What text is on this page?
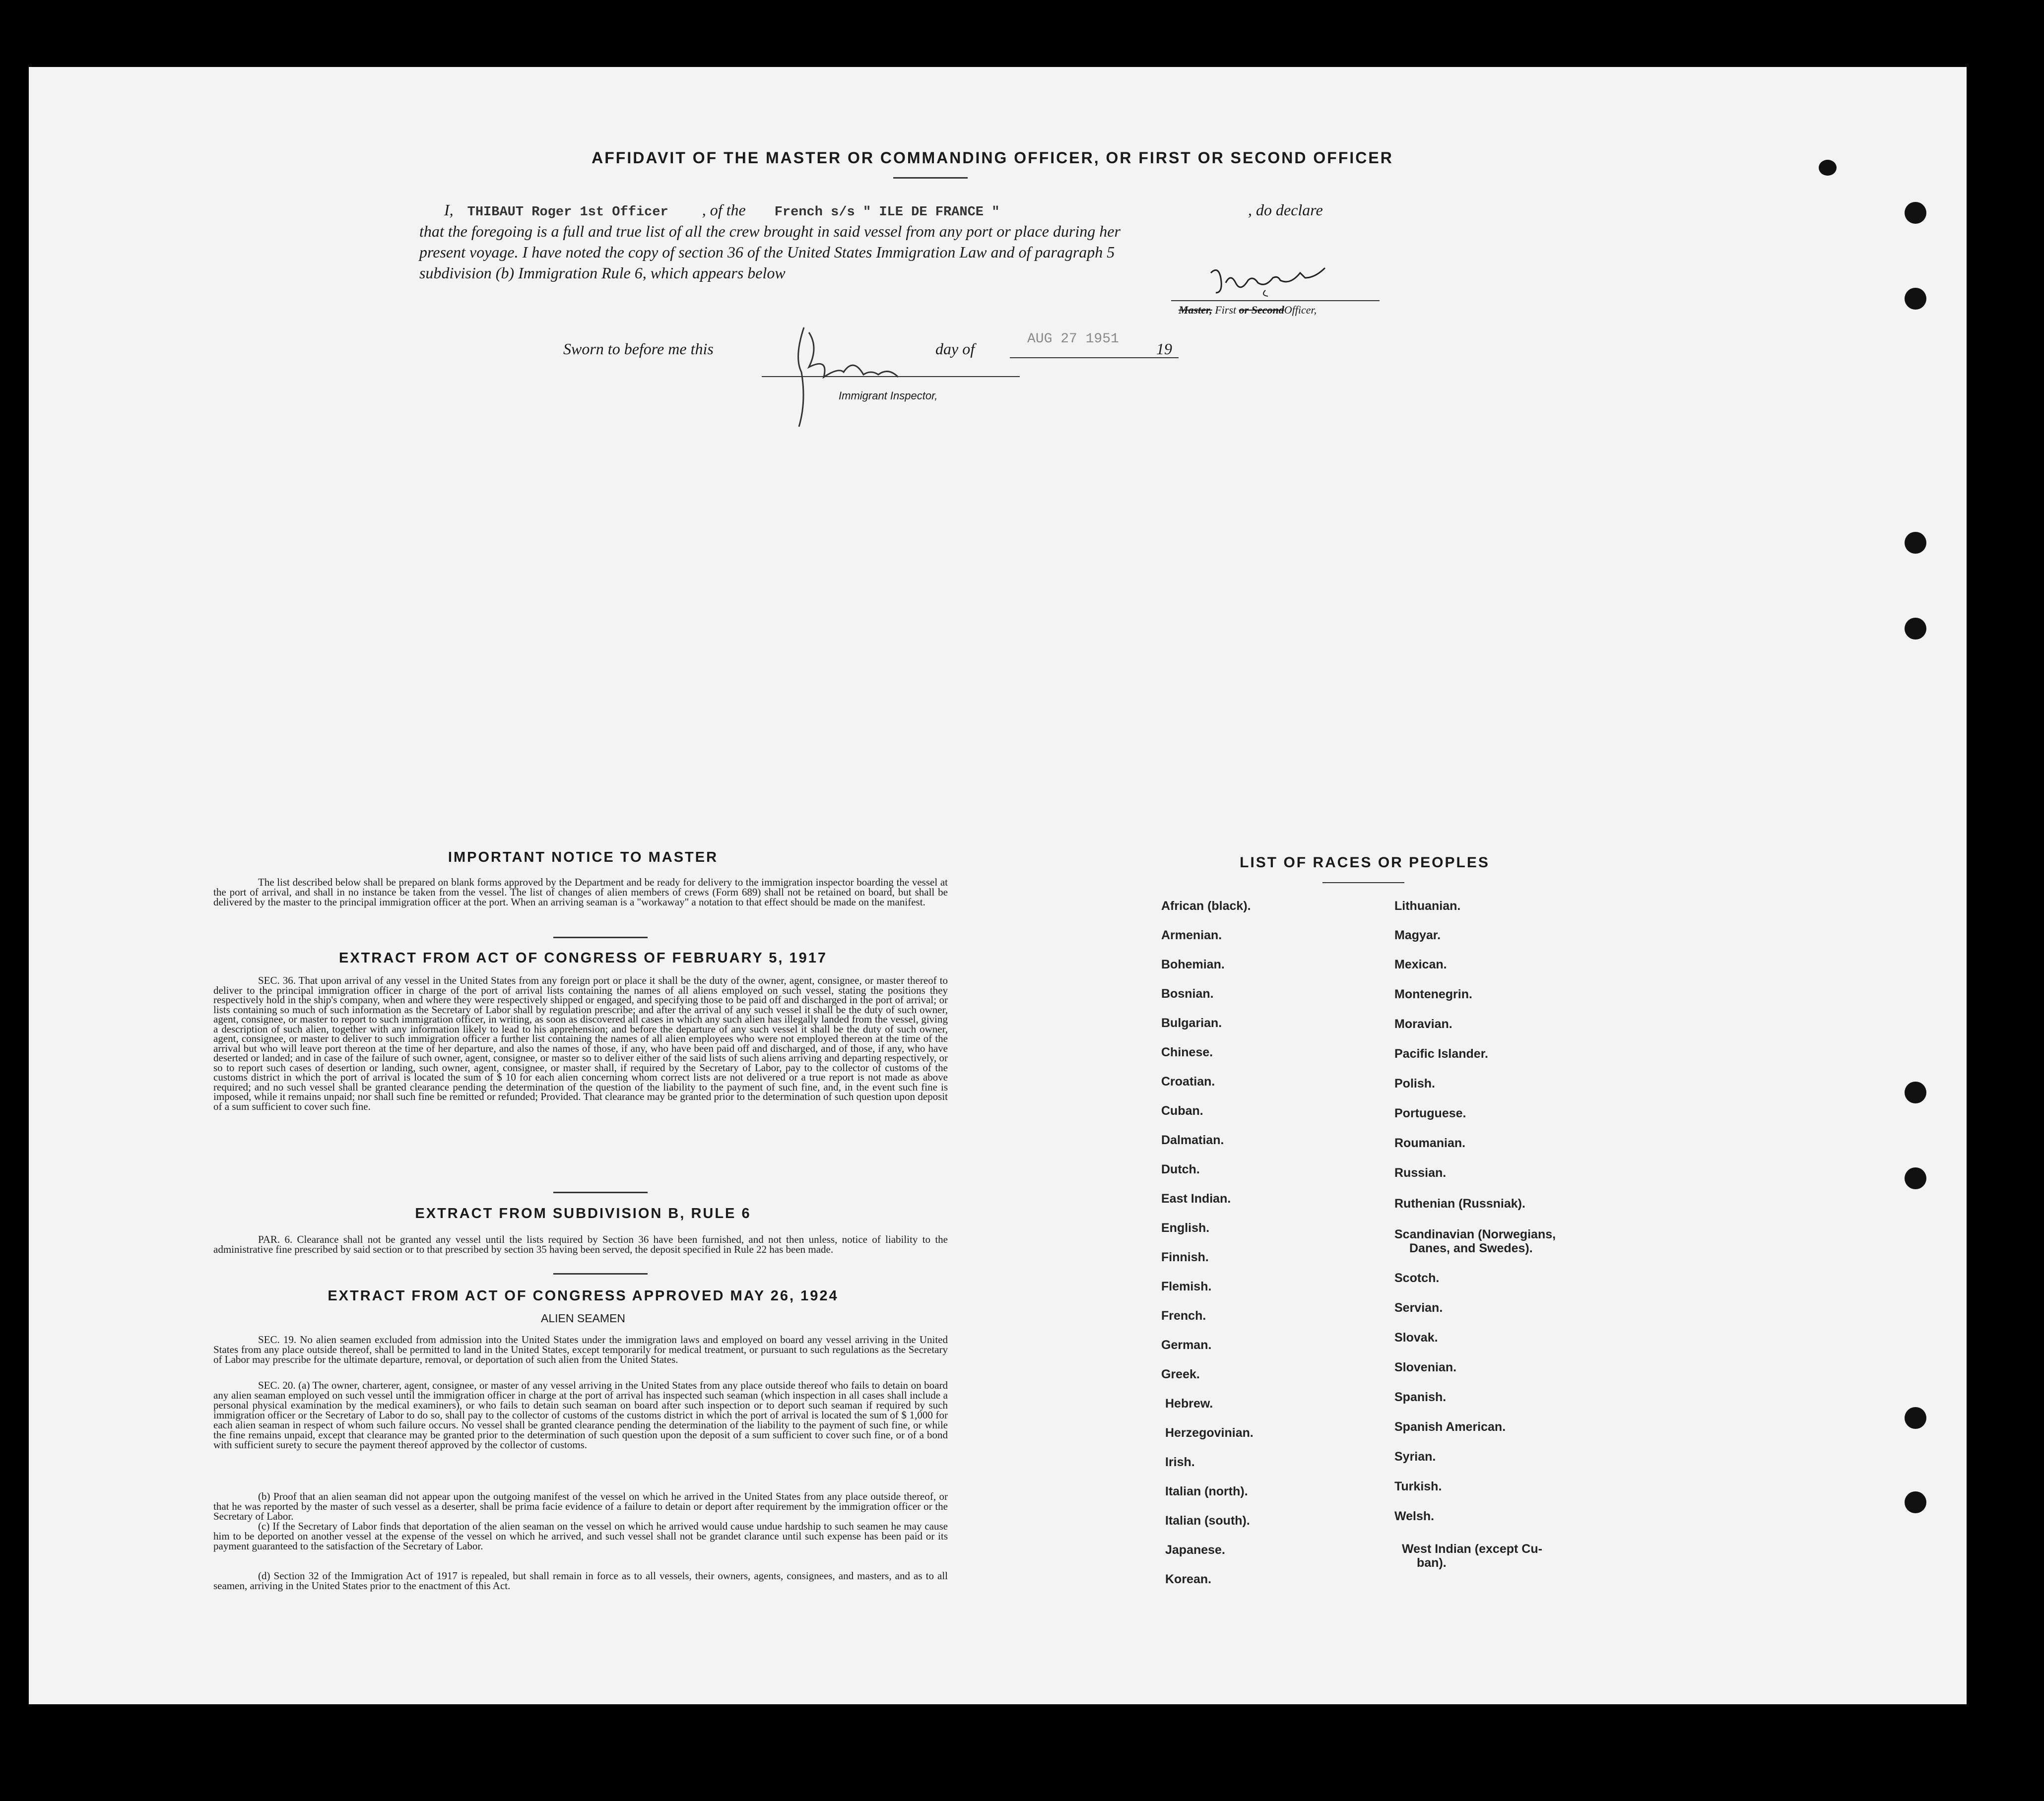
AFFIDAVIT OF THE MASTER OR COMMANDING OFFICER, OR FIRST OR SECOND OFFICER
I, THIBAUT Roger 1st Officer , of the French s/s " ILE DE FRANCE "	, do declare
that the foregoing is a full and true list of all the crew brought in said vessel from any port or place during her
present voyage. I have noted the copy of section 36 of the United States Immigration Law and of paragraph 5
subdivision (b) Immigration Rule 6, which appears below
Master, First or SecondOfficer,
Sworn to before me this	day of
AUG 27 1951
19
Immigrant Inspector,
IMPORTANT NOTICE TO MASTER
The list described below shall be prepared on blank forms approved by the Department and be ready for delivery to the immigration inspector boarding the vessel at the port of arrival, and shall in no instance be taken from the vessel. The list of changes of alien members of crews (Form 689) shall not be retained on board, but shall be delivered by the master to the principal immigration officer at the port. When an arriving seaman is a "workaway" a notation to that effect should be made on the manifest.
EXTRACT FROM ACT OF CONGRESS OF FEBRUARY 5, 1917
SEC. 36. That upon arrival of any vessel in the United States from any foreign port or place it shall be the duty of the owner, agent, consignee, or master thereof to deliver to the principal immigration officer in charge of the port of arrival lists containing the names of all aliens employed on such vessel, stating the positions they respectively hold in the ship's company, when and where they were respectively shipped or engaged, and specifying those to be paid off and discharged in the port of arrival; or lists containing so much of such information as the Secretary of Labor shall by regulation prescribe; and after the arrival of any such vessel it shall be the duty of such owner, agent, consignee, or master to report to such immigration officer, in writing, as soon as discovered all cases in which any such alien has illegally landed from the vessel, giving a description of such alien, together with any information likely to lead to his apprehension; and before the departure of any such vessel it shall be the duty of such owner, agent, consignee, or master to deliver to such immigration officer a further list containing the names of all alien employees who were not employed thereon at the time of the arrival but who will leave port thereon at the time of her departure, and also the names of those, if any, who have been paid off and discharged, and of those, if any, who have deserted or landed; and in case of the failure of such owner, agent, consignee, or master so to deliver either of the said lists of such aliens arriving and departing respectively, or so to report such cases of desertion or landing, such owner, agent, consignee, or master shall, if required by the Secretary of Labor, pay to the collector of customs of the customs district in which the port of arrival is located the sum of $ 10 for each alien concerning whom correct lists are not delivered or a true report is not made as above required; and no such vessel shall be granted clearance pending the determination of the question of the liability to the payment of such fine, and, in the event such fine is imposed, while it remains unpaid; nor shall such fine be remitted or refunded; Provided. That clearance may be granted prior to the determination of such question upon deposit of a sum sufficient to cover such fine.
EXTRACT FROM SUBDIVISION B, RULE 6
PAR. 6. Clearance shall not be granted any vessel until the lists required by Section 36 have been furnished, and not then unless, notice of liability to the administrative fine prescribed by said section or to that prescribed by section 35 having been served, the deposit specified in Rule 22 has been made.
EXTRACT FROM ACT OF CONGRESS APPROVED MAY 26, 1924
ALIEN SEAMEN
SEC. 19. No alien seamen excluded from admission into the United States under the immigration laws and employed on board any vessel arriving in the United States from any place outside thereof, shall be permitted to land in the United States, except temporarily for medical treatment, or pursuant to such regulations as the Secretary of Labor may prescribe for the ultimate departure, removal, or deportation of such alien from the United States.
SEC. 20. (a) The owner, charterer, agent, consignee, or master of any vessel arriving in the United States from any place outside thereof who fails to detain on board any alien seaman employed on such vessel until the immigration officer in charge at the port of arrival has inspected such seaman (which inspection in all cases shall include a personal physical examination by the medical examiners), or who fails to detain such seaman on board after such inspection or to deport such seaman if required by such immigration officer or the Secretary of Labor to do so, shall pay to the collector of customs of the customs district in which the port of arrival is located the sum of $ 1,000 for each alien seaman in respect of whom such failure occurs. No vessel shall be granted clearance pending the determination of the liability to the payment of such fine, or while the fine remains unpaid, except that clearance may be granted prior to the determination of such question upon the deposit of a sum sufficient to cover such fine, or of a bond with sufficient surety to secure the payment thereof approved by the collector of customs.
(b) Proof that an alien seaman did not appear upon the outgoing manifest of the vessel on which he arrived in the United States from any place outside thereof, or that he was reported by the master of such vessel as a deserter, shall be prima facie evidence of a failure to detain or deport after requirement by the immigration officer or the Secretary of Labor.
(c) If the Secretary of Labor finds that deportation of the alien seaman on the vessel on which he arrived would cause undue hardship to such seamen he may cause him to be deported on another vessel at the expense of the vessel on which he arrived, and such vessel shall not be grandet clarance until such expense has been paid or its payment guaranteed to the satisfaction of the Secretary of Labor.
(d) Section 32 of the Immigration Act of 1917 is repealed, but shall remain in force as to all vessels, their owners, agents, consignees, and masters, and as to all seamen, arriving in the United States prior to the enactment of this Act.
LIST OF RACES OR PEOPLES
African (black).
Armenian.
Bohemian.
Bosnian.
Bulgarian.
Chinese.
Croatian.
Cuban.
Dalmatian.
Dutch.
East Indian.
English.
Finnish.
Flemish.
French.
German.
Greek.
Hebrew.
Herzegovinian.
Irish.
Italian (north).
Italian (south).
Japanese.
Korean.
Lithuanian.
Magyar.
Mexican.
Montenegrin.
Moravian.
Pacific Islander.
Polish.
Portuguese.
Roumanian.
Russian.
Ruthenian (Russniak).
Scandinavian (Norwegians,
Danes, and Swedes).
Scotch.
Servian.
Slovak.
Slovenian.
Spanish.
Spanish American.
Syrian.
Turkish.
Welsh.
West Indian (except Cu-
ban).
